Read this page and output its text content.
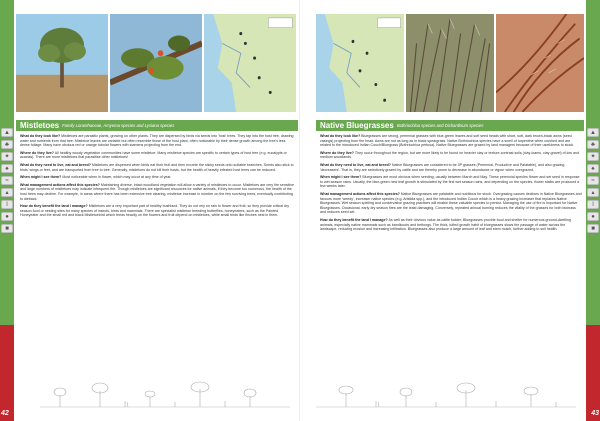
▲
♣
✦
♠
≈
▴
ǀ
●
■
42
Mistletoes Family Loranthaceae, Amyema species and Lysiana species

What do they look like? Mistletoes are parasitic plants, growing on other plants. They are dispersed by birds via seeds into 'host' trees. They tap into the host tree, drawing water and nutrients from that tree. Mistletoe leaves are variable but often resemble those of the host plant, often noticeable by their dense growth among the tree's less dense foliage. Many have obvious red or orange tubular flowers with stamens projecting from the end.

Where do they live? All healthy woody vegetation communities have some mistletoe. Many mistletoe species are specific to certain types of host tree (e.g. eucalypts or acacias). There are more mistletoes that parasitise other mistletoes!

What do they need to live, eat and breed? Mistletoes are dispersed when birds eat their fruit and then excrete the sticky seeds onto suitable branches. Seeds also stick to birds' wings or feet, and are transported from tree to tree. Generally, mistletoes do not kill their hosts, but the health of heavily infested host trees can be reduced.

When might I see them? Most noticeable when in flower, which may occur at any time of year.

What management actions affect this species? Maintaining diverse, intact woodland vegetation will allow a variety of mistletoes to occur. Mistletoes are very fire sensitive and large numbers of mistletoes may indicate infrequent fire. Though mistletoes are significant resources for native animals, if they become too numerous, the health of the host trees may decline. For example, in areas where there has been extensive tree clearing, mistletoe increase in number on the few surviving trees, eventually contributing to dieback.

How do they benefit the land I manage? Mistletoes are a very important part of healthy bushland. They do not rely on rain to flower and fruit, so they provide critical dry season food or nesting sites for many species of insects, birds and mammals. There are specialist mistletoe breeding butterflies, honeyeaters, such as the Painted Honeyeater and the small red and black Mistletoebird which feeds heavily on the flowers and fruit depend on mistletoes, while small birds like finches nest in them.

▲
♣
✦
♠
≈
▴
ǀ
●
■
43
Native Bluegrasses Bothriochloa species and Dichanthium species

What do they look like? Bluegrasses are strong, perennial grasses with blue-green leaves and soft seed heads with short, soft, dark brown-black awns (seed casings) projecting from the head. Awns are not as long as in black speargrass. Native Bothriochloa species have a smell of turpentine when crushed and are related to the introduced Indian Couch/Bluegrass (Bothriochloa pertusa). Native Bluegrasses are grazed by land managers because of their usefulness to stock.

Where do they live? They occur throughout the region, but are more likely to be found on heavier clay or texture-contrast soils (clay-loams, clay-gravel) of low and medium woodlands.

What do they need to live, eat and breed? Native Bluegrasses are considered to be 3P grasses (Perennial, Productive and Palatable), and also grazing 'decreasers'. That is, they are selectively grazed by cattle and are thereby prone to decrease in abundance or vigour when overgrazed.

When might I see them? Bluegrasses are most obvious when seeding, usually between March and May. These perennial species flower and set seed in response to wet season rains. Usually, the blue-green new leaf growth is stimulated by the first wet season rains, and depending on the species, flower stalks are produced a few weeks later.

What management actions affect this species? Native Bluegrasses are palatable and nutritious for stock. Overgrazing causes declines in Native Bluegrasses and favours more 'weedy', increaser native species (e.g. Aristida spp.), and the introduced Indian Couch which is a heavy grazing increaser that replaces Native Bluegrasses. Wet season spelling and conservative grazing practices will enable these valuable species to persist. Managing the use of fire is important for Native Bluegrasses. Occasional, early dry season fires are the least damaging. Conversely, repeated annual burning reduces the vitality of the grasses for both biomass and reduces seed set.

How do they benefit the land I manage? As well as their obvious value as cattle fodder, Bluegrasses provide food and shelter for numerous ground-dwelling animals, especially native mammals such as bandicoots and bettongs. The thick, tufted growth habit of bluegrasses slows the passage of water across the landscape, reducing erosion and increasing infiltration. Bluegrasses also produce a large amount of leaf and stem mulch, further adding to soil health.
